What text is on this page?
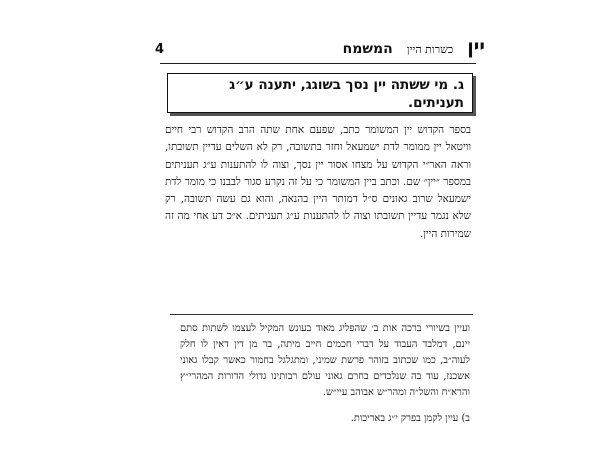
יין
כשרות היין
המשמח
4
ג. מי ששתה יין נסך בשוגג, יתענה ע״ג תעניתים.
בספר הקדוש יין המשומר כתב, שפעם אחת שתה הרב הקדוש רבי חיים וויטאל יין ממומר לדת ישמעאל וחזר בתשובה, רק לא השלים עדיין תשובתו, וראה האר״י הקדוש על מצחו אסור יין נסך, וצוה לו להתענות ע״ג תעניתים במספר ״יין״ שם. וכתב ביין המשומר כי על זה נקרע סגור לבבנו כי מומר לדת ישמעאל שרוב גאונים ס״ל דמותר היין בהנאה, והוא גם עשה תשובה, רק שלא נגמר עדיין תשובתו וצוה לו להתענות ע״ג תעניתים. א״כ דע אחי מה זה שמירות היין.
ועיין בשיורי ברכה אות ב׳ שהפליג מאוד בעונש המקיל לעצמו לשתות סתם יינם, דמלבד העבוד על דברי חכמים חייב מיתה, בר מן דין דאין לו חלק לעוה״ב, כמו שכתוב בזוהר פרשת שמיני, ומתגלגל בחמור כאשר קבלו גאוני אשכנז, עוד בה שנלכדים בחרם גאוני עולם רבותינו גדולי הדורות המהרי״ץ והרא״ח והשל״ה ומהר״ש אבוהב עיי״ש.
ב) עיין לקמן בפרק י״ג באריכות.
